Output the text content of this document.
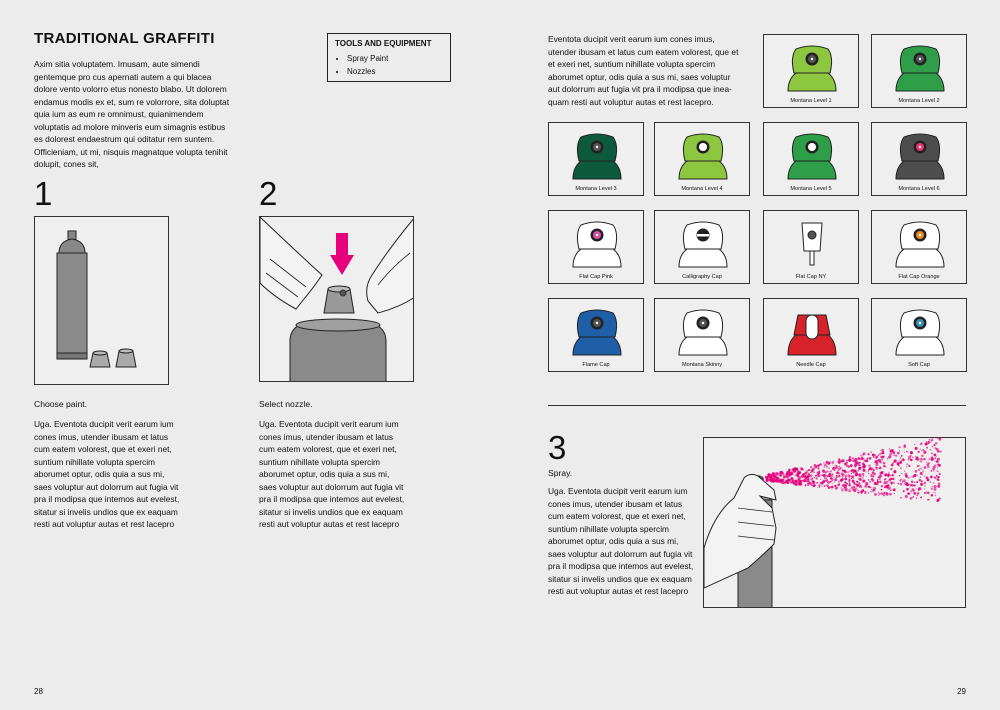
TRADITIONAL GRAFFITI
Axim sitia voluptatem. Imusam, aute simendi gentemque pro cus apernati autem a qui blacea dolore vento volorro etus nonesto blabo. Ut dolorem endamus modis ex et, sum re volorrore, sita doluptat quia ium as eum re omnimust, quianimendem voluptatis ad molore minveris eum simagnis estibus es dolorest endaestrum qui oditatur rem suntem. Officieniam, ut mi, nisquis magnatque volupta tenihit dolupit, cones sit,
TOOLS AND EQUIPMENT
• Spray Paint
• Nozzles
1
Choose paint.
Uga. Eventota ducipit verit earum ium cones imus, utender ibusam et latus cum eatem volorest, que et exeri net, suntium nihillate volupta spercim aborumet optur, odis quia a sus mi, saes voluptur aut dolorrum aut fugia vit pra il modipsa que intemos aut evelest, sitatur si invelis undios que ex eaquam resti aut voluptur autas et rest lacepro
2
Select nozzle.
Uga. Eventota ducipit verit earum ium cones imus, utender ibusam et latus cum eatem volorest, que et exeri net, suntium nihillate volupta spercim aborumet optur, odis quia a sus mi, saes voluptur aut dolorrum aut fugia vit pra il modipsa que intemos aut evelest, sitatur si invelis undios que ex eaquam resti aut voluptur autas et rest lacepro
28
Eventota ducipit verit earum ium cones imus, utender ibusam et latus cum eatem volorest, que et et exeri net, suntium nihillate volupta spercim aborumet optur, odis quia a sus mi, saes voluptur aut dolorrum aut fugia vit pra il modipsa que ineaquam resti aut voluptur autas et rest lacepro.	Montana Level 1	Montana Level 2
Montana Level 3	Montana Level 4	Montana Level 5	Montana Level 6
Flat Cap Pink	Calligraphy Cap	Flat Cap NY	Flat Cap Orange
Flame Cap	Montana Skinny	Needle Cap	Soft Cap
3
Spray.
Uga. Eventota ducipit verit earum ium cones imus, utender ibusam et latus cum eatem volorest, que et exeri net, suntium nihillate volupta spercim aborumet optur, odis quia a sus mi, saes voluptur aut dolorrum aut fugia vit pra il modipsa que intemos aut evelest, sitatur si invelis undios que ex eaquam resti aut voluptur autas et rest lacepro
29
